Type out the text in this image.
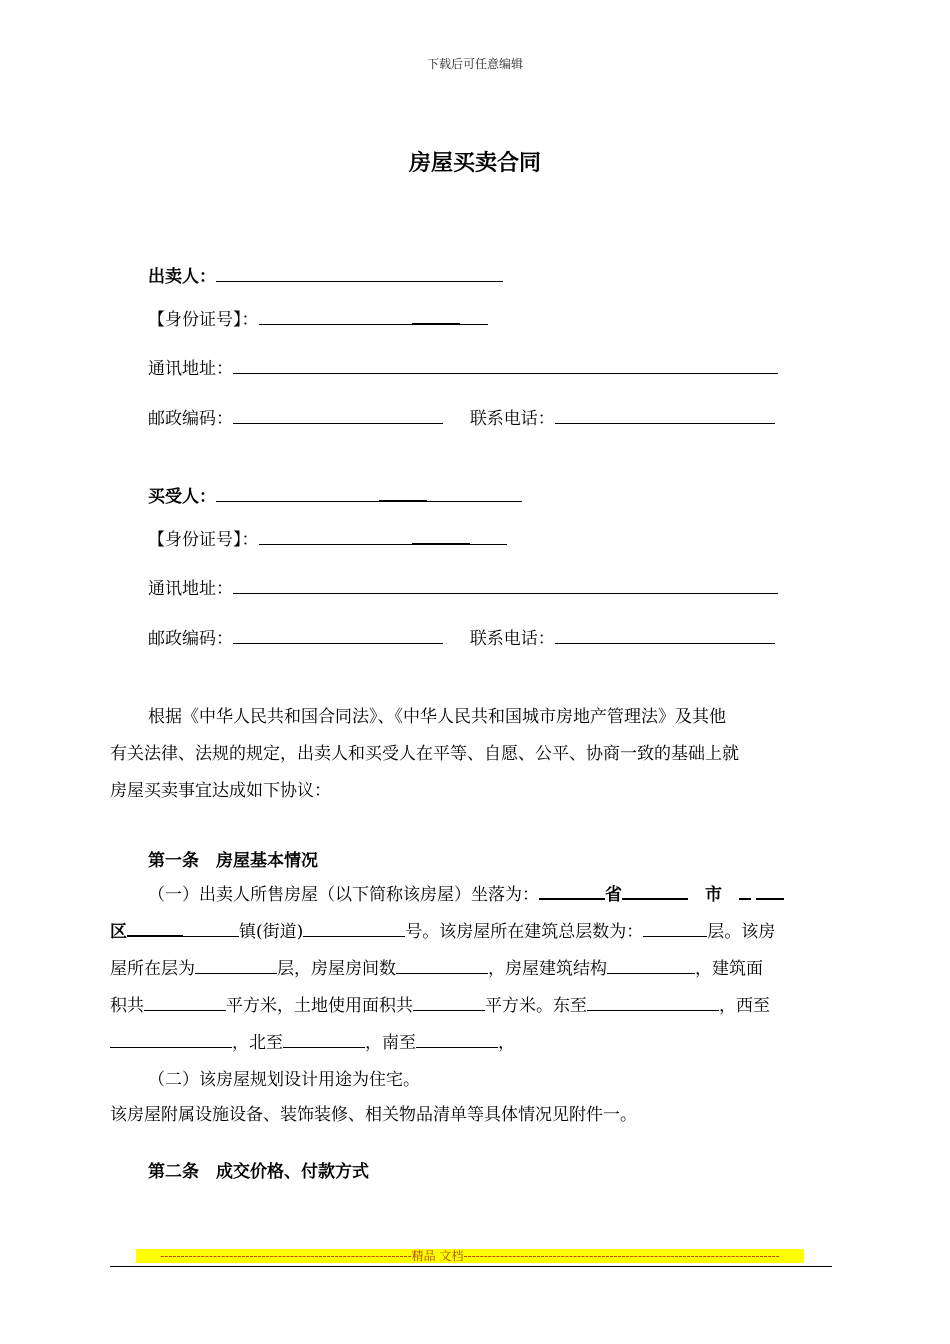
下载后可任意编辑
房屋买卖合同
出卖人：
【身份证号】：
通讯地址：
邮政编码：	联系电话：
买受人：
【身份证号】：
通讯地址：
邮政编码：	联系电话：
根据《中华人民共和国合同法》、《中华人民共和国城市房地产管理法》及其他
有关法律、法规的规定，出卖人和买受人在平等、自愿、公平、协商一致的基础上就
房屋买卖事宜达成如下协议：
第一条　房屋基本情况
（一）出卖人所售房屋（以下简称该房屋）坐落为：	省　	市　
区	镇(街道)	号。该房屋所在建筑总层数为：	层。该房
屋所在层为	层，房屋房间数	，房屋建筑结构	，建筑面
积共	平方米，土地使用面积共	平方米。东至	，西至
，北至	，南至	，
（二）该房屋规划设计用途为住宅。
该房屋附属设施设备、装饰装修、相关物品清单等具体情况见附件一。
第二条　成交价格、付款方式
--------------------------------------------------------------精品 文档------------------------------------------------------------------------------
